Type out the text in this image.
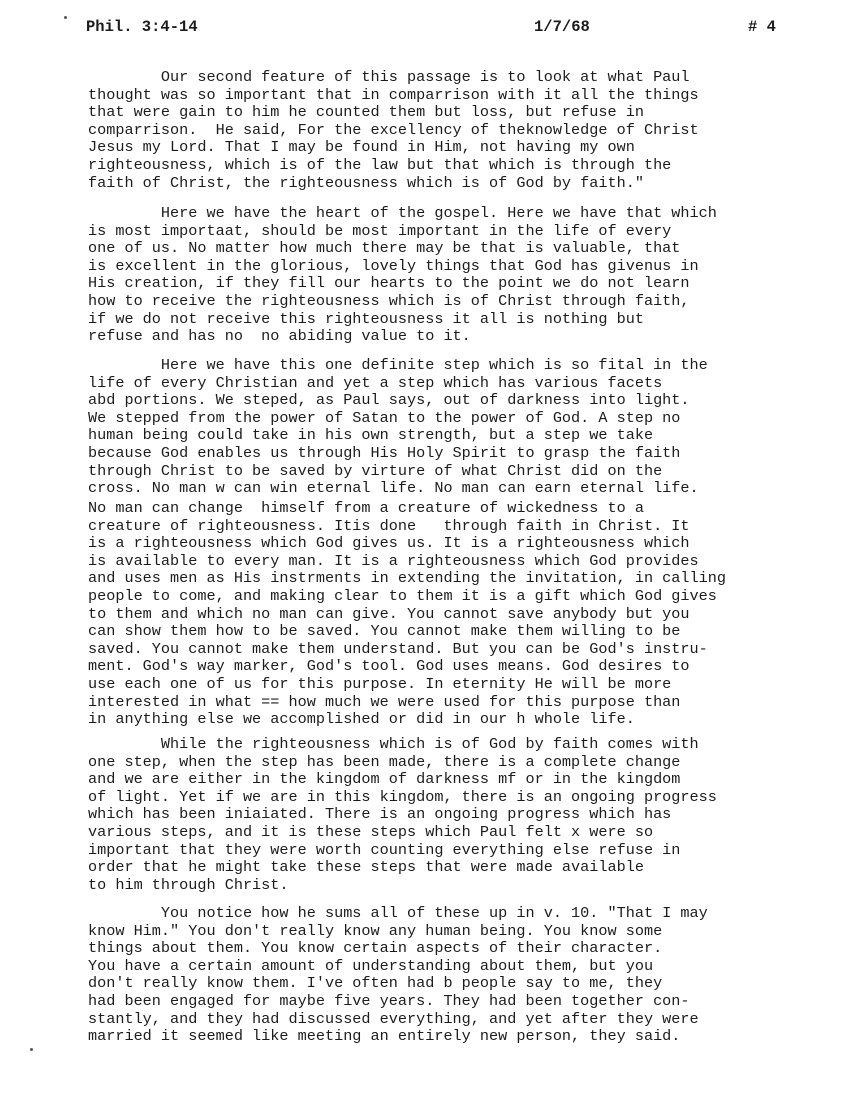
Phil. 3:4-14	1/7/68	# 4
Our second feature of this passage is to look at what Paul
thought was so important that in comparrison with it all the things
that were gain to him he counted them but loss, but refuse in
comparrison.  He said, For the excellency of theknowledge of Christ
Jesus my Lord. That I may be found in Him, not having my own
righteousness, which is of the law but that which is through the
faith of Christ, the righteousness which is of God by faith."
Here we have the heart of the gospel. Here we have that which
is most importaat, should be most important in the life of every
one of us. No matter how much there may be that is valuable, that
is excellent in the glorious, lovely things that God has givenus in
His creation, if they fill our hearts to the point we do not learn
how to receive the righteousness which is of Christ through faith,
if we do not receive this righteousness it all is nothing but
refuse and has no  no abiding value to it.
Here we have this one definite step which is so fital in the
life of every Christian and yet a step which has various facets
abd portions. We steped, as Paul says, out of darkness into light.
We stepped from the power of Satan to the power of God. A step no
human being could take in his own strength, but a step we take
because God enables us through His Holy Spirit to grasp the faith
through Christ to be saved by virture of what Christ did on the
cross. No man w can win eternal life. No man can earn eternal life.
No man can change  himself from a creature of wickedness to a
creature of righteousness. Itis done   through faith in Christ. It
is a righteousness which God gives us. It is a righteousness which
is available to every man. It is a righteousness which God provides
and uses men as His instrments in extending the invitation, in calling
people to come, and making clear to them it is a gift which God gives
to them and which no man can give. You cannot save anybody but you
can show them how to be saved. You cannot make them willing to be
saved. You cannot make them understand. But you can be God's instru-
ment. God's way marker, God's tool. God uses means. God desires to
use each one of us for this purpose. In eternity He will be more
interested in what == how much we were used for this purpose than
in anything else we accomplished or did in our h whole life.
While the righteousness which is of God by faith comes with
one step, when the step has been made, there is a complete change
and we are either in the kingdom of darkness mf or in the kingdom
of light. Yet if we are in this kingdom, there is an ongoing progress
which has been iniaiated. There is an ongoing progress which has
various steps, and it is these steps which Paul felt x were so
important that they were worth counting everything else refuse in
order that he might take these steps that were made available
to him through Christ.
You notice how he sums all of these up in v. 10. "That I may
know Him." You don't really know any human being. You know some
things about them. You know certain aspects of their character.
You have a certain amount of understanding about them, but you
don't really know them. I've often had b people say to me, they
had been engaged for maybe five years. They had been together con-
stantly, and they had discussed everything, and yet after they were
married it seemed like meeting an entirely new person, they said.
